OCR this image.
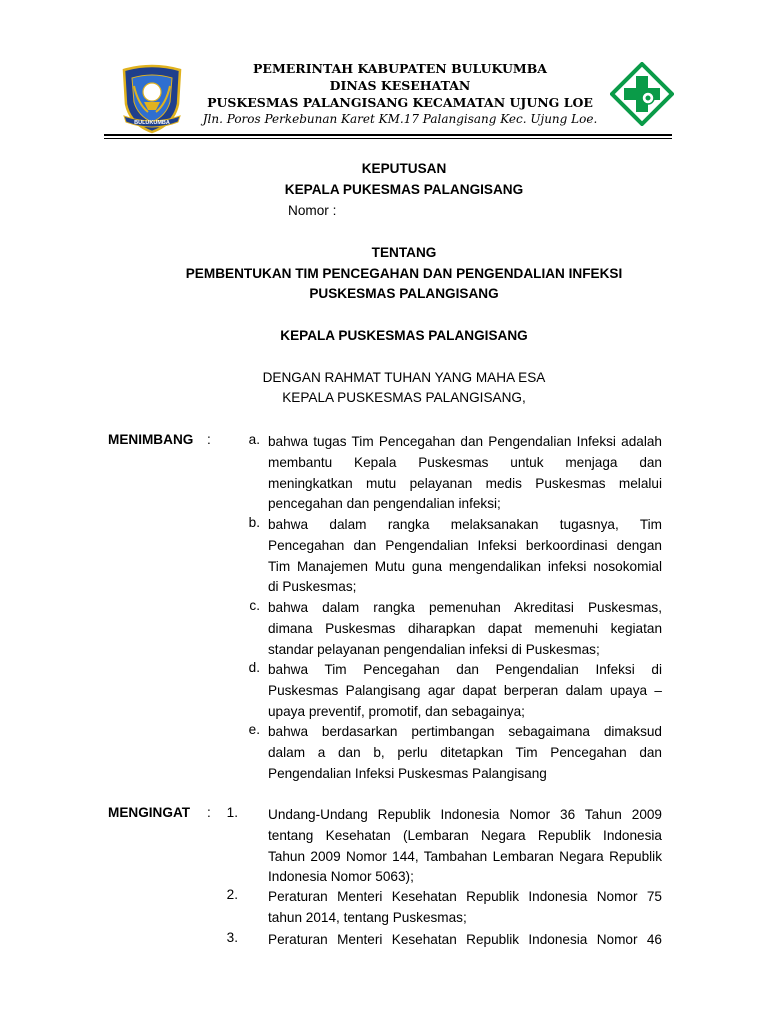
BULUKUMBA
PEMERINTAH KABUPATEN BULUKUMBA
DINAS KESEHATAN
PUSKESMAS PALANGISANG KECAMATAN UJUNG LOE
Jln. Poros Perkebunan Karet KM.17 Palangisang Kec. Ujung Loe.
KEPUTUSAN
KEPALA PUKESMAS PALANGISANG
Nomor :
TENTANG
PEMBENTUKAN TIM PENCEGAHAN DAN PENGENDALIAN INFEKSI
PUSKESMAS PALANGISANG
KEPALA PUSKESMAS PALANGISANG
DENGAN RAHMAT TUHAN YANG MAHA ESA
KEPALA PUSKESMAS PALANGISANG,
MENIMBANG :	a. bahwa tugas Tim Pencegahan dan Pengendalian Infeksi adalah
membantu Kepala Puskesmas untuk menjaga dan
meningkatkan mutu pelayanan medis Puskesmas melalui
pencegahan dan pengendalian infeksi;
b. bahwa dalam rangka melaksanakan tugasnya, Tim
Pencegahan dan Pengendalian Infeksi berkoordinasi dengan
Tim Manajemen Mutu guna mengendalikan infeksi nosokomial
di Puskesmas;
c. bahwa dalam rangka pemenuhan Akreditasi Puskesmas,
dimana Puskesmas diharapkan dapat memenuhi kegiatan
standar pelayanan pengendalian infeksi di Puskesmas;
d. bahwa Tim Pencegahan dan Pengendalian Infeksi di
Puskesmas Palangisang agar dapat berperan dalam upaya –
upaya preventif, promotif, dan sebagainya;
e. bahwa berdasarkan pertimbangan sebagaimana dimaksud
dalam a dan b, perlu ditetapkan Tim Pencegahan dan
Pengendalian Infeksi Puskesmas Palangisang
MENGINGAT :	1. Undang-Undang Republik Indonesia Nomor 36 Tahun 2009
tentang Kesehatan (Lembaran Negara Republik Indonesia
Tahun 2009 Nomor 144, Tambahan Lembaran Negara Republik
Indonesia Nomor 5063);
2. Peraturan Menteri Kesehatan Republik Indonesia Nomor 75
tahun 2014, tentang Puskesmas;
3. Peraturan Menteri Kesehatan Republik Indonesia Nomor 46
